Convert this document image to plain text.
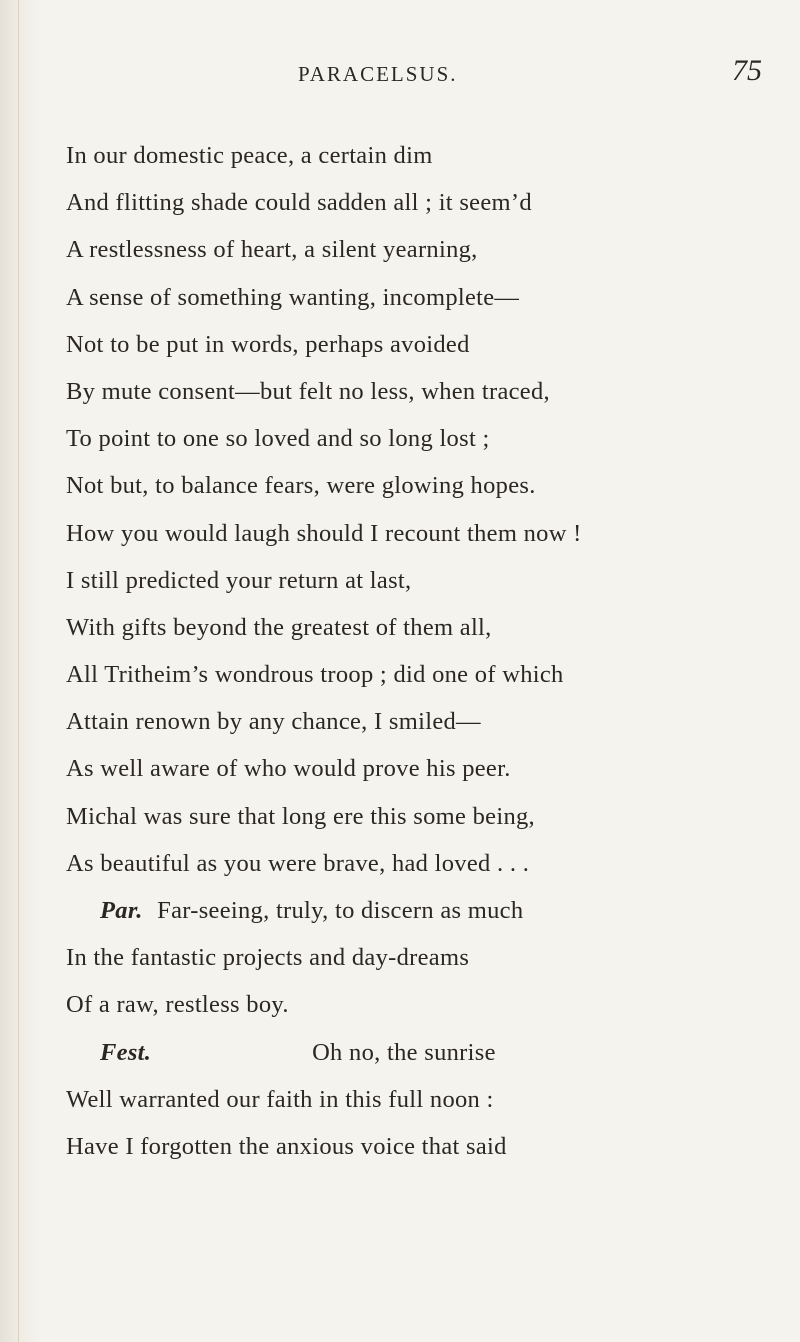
PARACELSUS.	75
In our domestic peace, a certain dim
And flitting shade could sadden all ; it seem’d
A restlessness of heart, a silent yearning,
A sense of something wanting, incomplete—
Not to be put in words, perhaps avoided
By mute consent—but felt no less, when traced,
To point to one so loved and so long lost ;
Not but, to balance fears, were glowing hopes.
How you would laugh should I recount them now !
I still predicted your return at last,
With gifts beyond the greatest of them all,
All Tritheim’s wondrous troop ; did one of which
Attain renown by any chance, I smiled—
As well aware of who would prove his peer.
Michal was sure that long ere this some being,
As beautiful as you were brave, had loved . . .
Par. Far-seeing, truly, to discern as much
In the fantastic projects and day-dreams
Of a raw, restless boy.
Fest.	Oh no, the sunrise
Well warranted our faith in this full noon :
Have I forgotten the anxious voice that said
